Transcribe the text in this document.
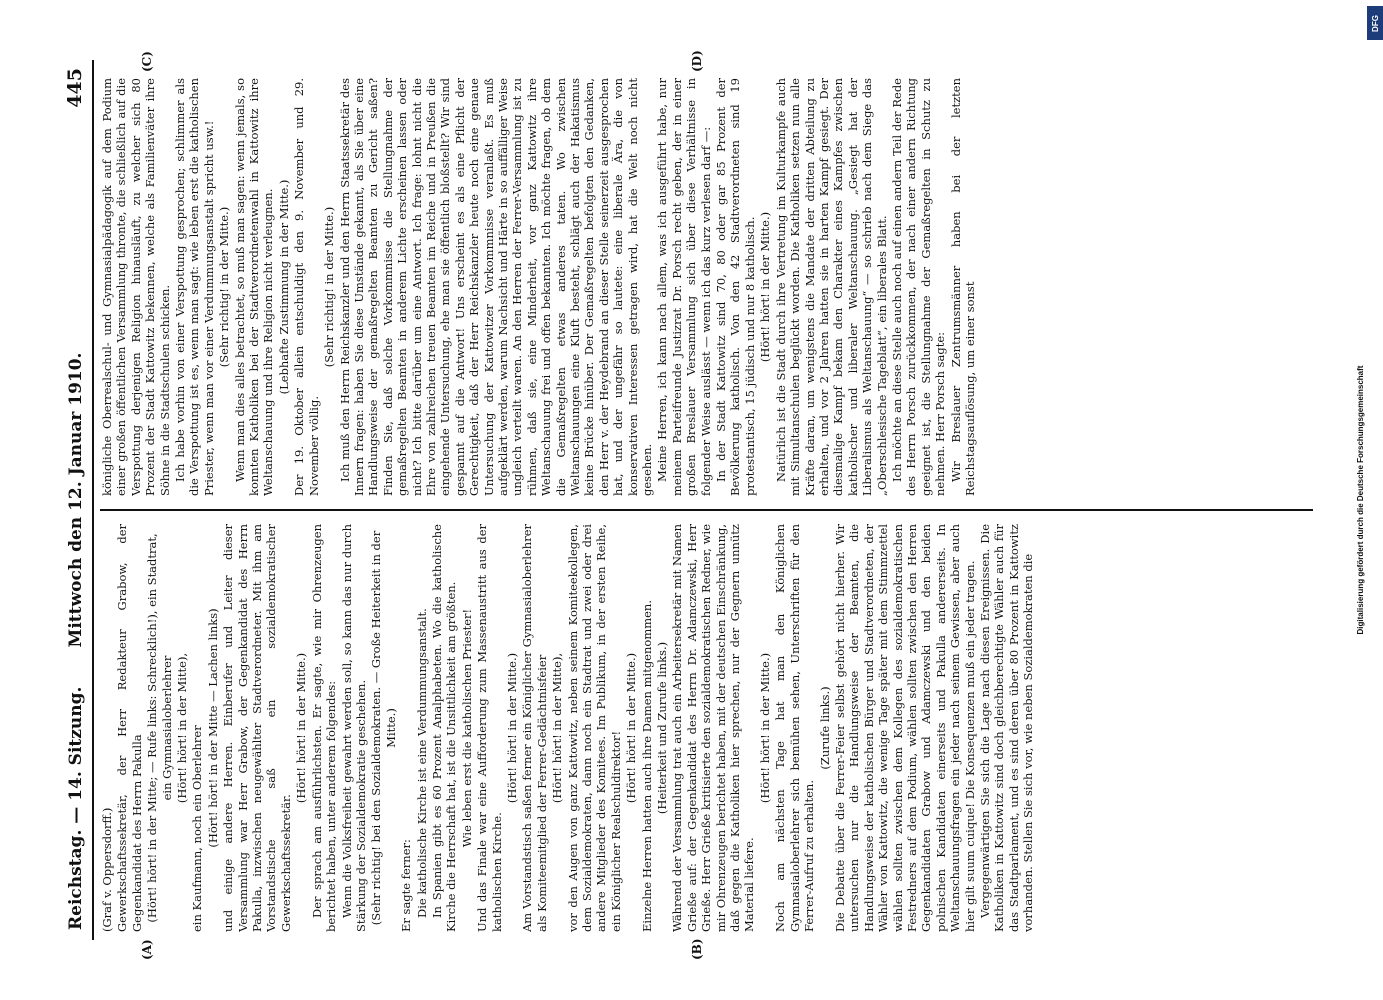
Reichstag. — 14. Sitzung.
Mittwoch den 12. Januar 1910.
445
(A)	(B)
(C)	(D)

(Graf v. Oppersdorff.) Gewerkschaftssekretär, der Herr Redakteur Grabow, der Gegenkandidat des Herrn Pakulla (Hört! hört! in der Mitte; — Rufe links: Schrecklich!), ein Stadtrat, ein Gymnasialoberlehrer (Hört! hört! in der Mitte), ein Kaufmann, noch ein Oberlehrer (Hört! hört! in der Mitte — Lachen links) und einige andere Herren. Einberufer und Leiter dieser Versammlung war Herr Grabow, der Gegenkandidat des Herrn Pakulla, inzwischen neugewählter Stadtverordneter. Mit ihm am Vorstandstische saß ein sozialdemokratischer Gewerkschaftssekretär.

(Hört! hört! in der Mitte.) Der sprach am ausführlichsten. Er sagte, wie mir Ohrenzeugen berichtet haben, unter anderem folgendes: Wenn die Volksfreiheit gewahrt werden soll, so kann das nur durch Stärkung der Sozialdemokratie geschehen. (Sehr richtig! bei den Sozialdemokraten. — Große Heiterkeit in der Mitte.)

Er sagte ferner: Die katholische Kirche ist eine Verdummungsanstalt. In Spanien gibt es 60 Prozent Analphabeten. Wo die katholische Kirche die Herrschaft hat, ist die Unsittlichkeit am größten. Wie leben erst die katholischen Priester! Und das Finale war eine Aufforderung zum Massenaustritt aus der katholischen Kirche.

(Hört! hört! in der Mitte.) Am Vorstandstisch saßen ferner ein Königlicher Gymnasialoberlehrer als Komiteemitglied der Ferrer-Gedächtnisfeier (Hört! hört! in der Mitte), vor den Augen von ganz Kattowitz, neben seinem Komiteekollegen, dem Sozialdemokraten, dann noch ein Stadtrat und zwei oder drei andere Mitglieder des Komitees. Im Publikum, in der ersten Reihe, ein Königlicher Realschuldirektor!

(Hört! hört! in der Mitte.) Einzelne Herren hatten auch ihre Damen mitgenommen. (Heiterkeit und Zurufe links.) Während der Versammlung trat auch ein Arbeitersekretär mit Namen Grieße auf: der Gegenkandidat des Herrn Dr. Adamczewski, Herr Grieße. Herr Grieße kritisierte den sozialdemokratischen Redner, wie mir Ohrenzeugen berichtet haben, mit der deutschen Einschränkung, daß gegen die Katholiken hier sprechen, nur der Gegnern unnütz Material liefere.

(Hört! hört! in der Mitte.) Noch am nächsten Tage hat man den Königlichen Gymnasialoberlehrer sich bemühen sehen, Unterschriften für den Ferrer-Aufruf zu erhalten.

(Zurufe links.) Die Debatte über die Ferrer-Feier selbst gehört nicht hierher. Wir untersuchen nur die Handlungsweise der Beamten, die Handlungsweise der katholischen Bürger und Stadtverordneten, der Wähler von Kattowitz, die wenige Tage später mit dem Stimmzettel wählen sollten zwischen dem Kollegen des sozialdemokratischen Festredners auf dem Podium, wählen sollten zwischen den Herren Gegenkandidaten Grabow und Adamczewski und den beiden polnischen Kandidaten einerseits und Pakulla andererseits. In Weltanschauungsfragen ein jeder nach seinem Gewissen, aber auch hier gilt suum cuique! Die Konsequenzen muß ein jeder tragen. Vergegenwärtigen Sie sich die Lage nach diesen Ereignissen. Die Katholiken in Kattowitz sind doch gleichberechtigte Wähler auch für das Stadtparlament, und es sind deren über 80 Prozent in Kattowitz vorhanden. Stellen Sie sich vor, wie neben Sozialdemokraten die

königliche Oberrealschul- und Gymnasialpädagogik auf dem Podium einer großen öffentlichen Versammlung thronte, die schließlich auf die Verspottung derjenigen Religion hinausläuft, zu welcher sich 80 Prozent der Stadt Kattowitz bekennen, welche als Familienväter ihre Söhne in die Stadtschulen schicken. Ich habe vorhin von einer Verspottung gesprochen; schlimmer als die Verspottung ist es, wenn man sagt: wie leben erst die katholischen Priester, wenn man vor einer Verdummungsanstalt spricht usw.! (Sehr richtig! in der Mitte.) Wenn man dies alles betrachtet, so muß man sagen: wenn jemals, so konnten Katholiken bei der Stadtverordnetenwahl in Kattowitz ihre Weltanschauung und ihre Religion nicht verleugnen. (Lebhafte Zustimmung in der Mitte.) Der 19. Oktober allein entschuldigt den 9. November und 29. November völlig.

(Sehr richtig! in der Mitte.) Ich muß den Herrn Reichskanzler und den Herrn Staatssekretär des Innern fragen: haben Sie diese Umstände gekannt, als Sie über eine Handlungsweise der gemaßregelten Beamten zu Gericht saßen? Finden Sie, daß solche Vorkommnisse die Stellungnahme der gemaßregelten Beamten in anderem Lichte erscheinen lassen oder nicht? Ich bitte darüber um eine Antwort. Ich frage: lohnt nicht die Ehre von zahlreichen treuen Beamten im Reiche und in Preußen die eingehende Untersuchung, ehe man sie öffentlich bloßstellt? Wir sind gespannt auf die Antwort! Uns erscheint es als eine Pflicht der Gerechtigkeit, daß der Herr Reichskanzler heute noch eine genaue Untersuchung der Kattowitzer Vorkommnisse veranlaßt. Es muß aufgeklärt werden, warum Nachsicht und Härte in so auffälliger Weise ungleich verteilt waren. An den Herren der Ferrer-Versammlung ist zu rühmen, daß sie, eine Minderheit, vor ganz Kattowitz ihre Weltanschauung frei und offen bekannten. Ich möchte fragen, ob dem die Gemaßregelten etwas anderes taten. Wo zwischen Weltanschauungen eine Kluft besteht, schlägt auch der Hakatismus keine Brücke hinüber. Der Gemaßregelten befolgten den Gedanken, den Herr v. der Heydebrand an dieser Stelle seinerzeit ausgesprochen hat, und der ungefähr so lautete: eine liberale Ära, die von konservativen Interessen getragen wird, hat die Welt noch nicht gesehen. Meine Herren, ich kann nach allem, was ich ausgeführt habe, nur meinem Parteifreunde Justizrat Dr. Porsch recht geben, der in einer großen Breslauer Versammlung sich über diese Verhältnisse in folgender Weise auslässt — wenn ich das kurz verlesen darf —: In der Stadt Kattowitz sind 70, 80 oder gar 85 Prozent der Bevölkerung katholisch. Von den 42 Stadtverordneten sind 19 protestantisch, 15 jüdisch und nur 8 katholisch. (Hört! hört! in der Mitte.) Natürlich ist die Stadt durch ihre Vertretung im Kulturkampfe auch mit Simultanschulen beglückt worden. Die Katholiken setzen nun alle Kräfte daran, um wenigstens die Mandate der dritten Abteilung zu erhalten, und vor 2 Jahren hatten sie in harten Kampf gesiegt. Der diesmalige Kampf bekam den Charakter eines Kampfes zwischen katholischer und liberaler Weltanschauung. „Gesiegt hat der Liberalismus als Weltanschauung“ — so schrieb nach dem Siege das „Oberschlesische Tageblatt“, ein liberales Blatt. Ich möchte an diese Stelle auch noch auf einen andern Teil der Rede des Herrn Porsch zurückkommen, der nach einer andern Richtung geeignet ist, die Stellungnahme der Gemaßregelten in Schutz zu nehmen. Herr Porsch sagte: Wir Breslauer Zentrumsmänner haben bei der letzten Reichstagsauflösung, um einer sonst	Digitalisierung gefördert durch die Deutsche Forschungsgemeinschaft
DFG
